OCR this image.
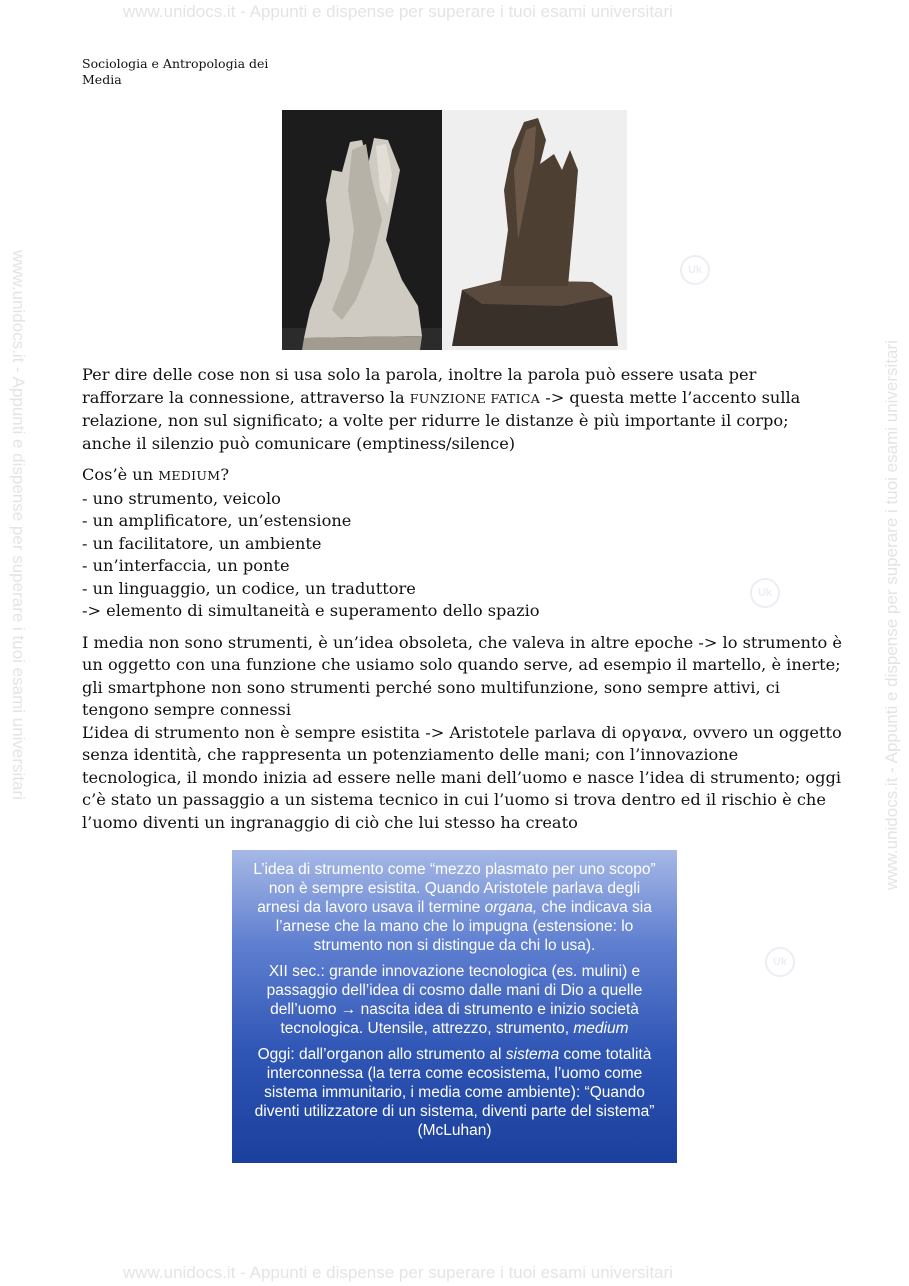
www.unidocs.it - Appunti e dispense per superare i tuoi esami universitari
www.unidocs.it - Appunti e dispense per superare i tuoi esami universitari
www.unidocs.it - Appunti e dispense per superare i tuoi esami universitari	www.unidocs.it - Appunti e dispense per superare i tuoi esami universitari
Uk
Uk
Uk
Sociologia e Antropologia dei
Media

Per dire delle cose non si usa solo la parola, inoltre la parola può essere usata per rafforzare la connessione, attraverso la FUNZIONE FATICA -> questa mette l’accento sulla relazione, non sul significato; a volte per ridurre le distanze è più importante il corpo; anche il silenzio può comunicare (emptiness/silence)

Cos’è un MEDIUM?
- uno strumento, veicolo
- un amplificatore, un’estensione
- un facilitatore, un ambiente
- un’interfaccia, un ponte
- un linguaggio, un codice, un traduttore
-> elemento di simultaneità e superamento dello spazio

I media non sono strumenti, è un’idea obsoleta, che valeva in altre epoche -> lo strumento è un oggetto con una funzione che usiamo solo quando serve, ad esempio il martello, è inerte; gli smartphone non sono strumenti perché sono multifunzione, sono sempre attivi, ci tengono sempre connessi
L’idea di strumento non è sempre esistita -> Aristotele parlava di οργανα, ovvero un oggetto senza identità, che rappresenta un potenziamento delle mani; con l’innovazione tecnologica, il mondo inizia ad essere nelle mani dell’uomo e nasce l’idea di strumento; oggi c’è stato un passaggio a un sistema tecnico in cui l’uomo si trova dentro ed il rischio è che l’uomo diventi un ingranaggio di ciò che lui stesso ha creato

L’idea di strumento come “mezzo plasmato per uno scopo” non è sempre esistita. Quando Aristotele parlava degli arnesi da lavoro usava il termine organa, che indicava sia l’arnese che la mano che lo impugna (estensione: lo strumento non si distingue da chi lo usa).

XII sec.: grande innovazione tecnologica (es. mulini) e passaggio dell’idea di cosmo dalle mani di Dio a quelle dell’uomo → nascita idea di strumento e inizio società tecnologica. Utensile, attrezzo, strumento, medium

Oggi: dall’organon allo strumento al sistema come totalità interconnessa (la terra come ecosistema, l’uomo come sistema immunitario, i media come ambiente): “Quando diventi utilizzatore di un sistema, diventi parte del sistema” (McLuhan)
